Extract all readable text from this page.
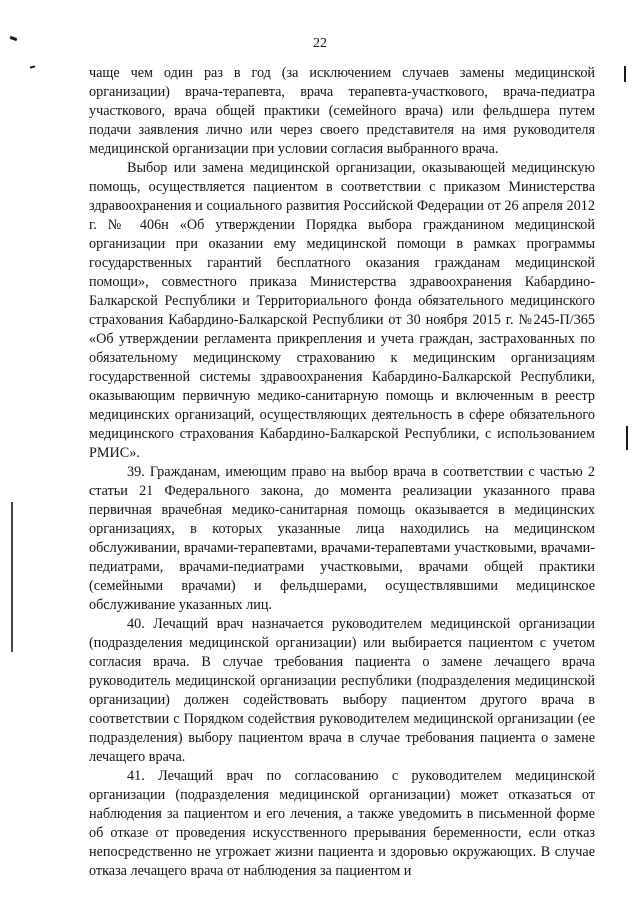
22

чаще чем один раз в год (за исключением случаев замены медицинской организации) врача-терапевта, врача терапевта-участкового, врача-педиатра участкового, врача общей практики (семейного врача) или фельдшера путем подачи заявления лично или через своего представителя на имя руководителя медицинской организации при условии согласия выбранного врача.

Выбор или замена медицинской организации, оказывающей медицинскую помощь, осуществляется пациентом в соответствии с приказом Министерства здравоохранения и социального развития Российской Федерации от 26 апреля 2012 г. № 406н «Об утверждении Порядка выбора гражданином медицинской организации при оказании ему медицинской помощи в рамках программы государственных гарантий бесплатного оказания гражданам медицинской помощи», совместного приказа Министерства здравоохранения Кабардино-Балкарской Республики и Территориального фонда обязательного медицинского страхования Кабардино-Балкарской Республики от 30 ноября 2015 г. №245-П/365 «Об утверждении регламента прикрепления и учета граждан, застрахованных по обязательному медицинскому страхованию к медицинским организациям государственной системы здравоохранения Кабардино-Балкарской Республики, оказывающим первичную медико-санитарную помощь и включенным в реестр медицинских организаций, осуществляющих деятельность в сфере обязательного медицинского страхования Кабардино-Балкарской Республики, с использованием РМИС».

39. Гражданам, имеющим право на выбор врача в соответствии с частью 2 статьи 21 Федерального закона, до момента реализации указанного права первичная врачебная медико-санитарная помощь оказывается в медицинских организациях, в которых указанные лица находились на медицинском обслуживании, врачами-терапевтами, врачами-терапевтами участковыми, врачами-педиатрами, врачами-педиатрами участковыми, врачами общей практики (семейными врачами) и фельдшерами, осуществлявшими медицинское обслуживание указанных лиц.

40. Лечащий врач назначается руководителем медицинской организации (подразделения медицинской организации) или выбирается пациентом с учетом согласия врача. В случае требования пациента о замене лечащего врача руководитель медицинской организации республики (подразделения медицинской организации) должен содействовать выбору пациентом другого врача в соответствии с Порядком содействия руководителем медицинской организации (ее подразделения) выбору пациентом врача в случае требования пациента о замене лечащего врача.

41. Лечащий врач по согласованию с руководителем медицинской организации (подразделения медицинской организации) может отказаться от наблюдения за пациентом и его лечения, а также уведомить в письменной форме об отказе от проведения искусственного прерывания беременности, если отказ непосредственно не угрожает жизни пациента и здоровью окружающих. В случае отказа лечащего врача от наблюдения за пациентом и
